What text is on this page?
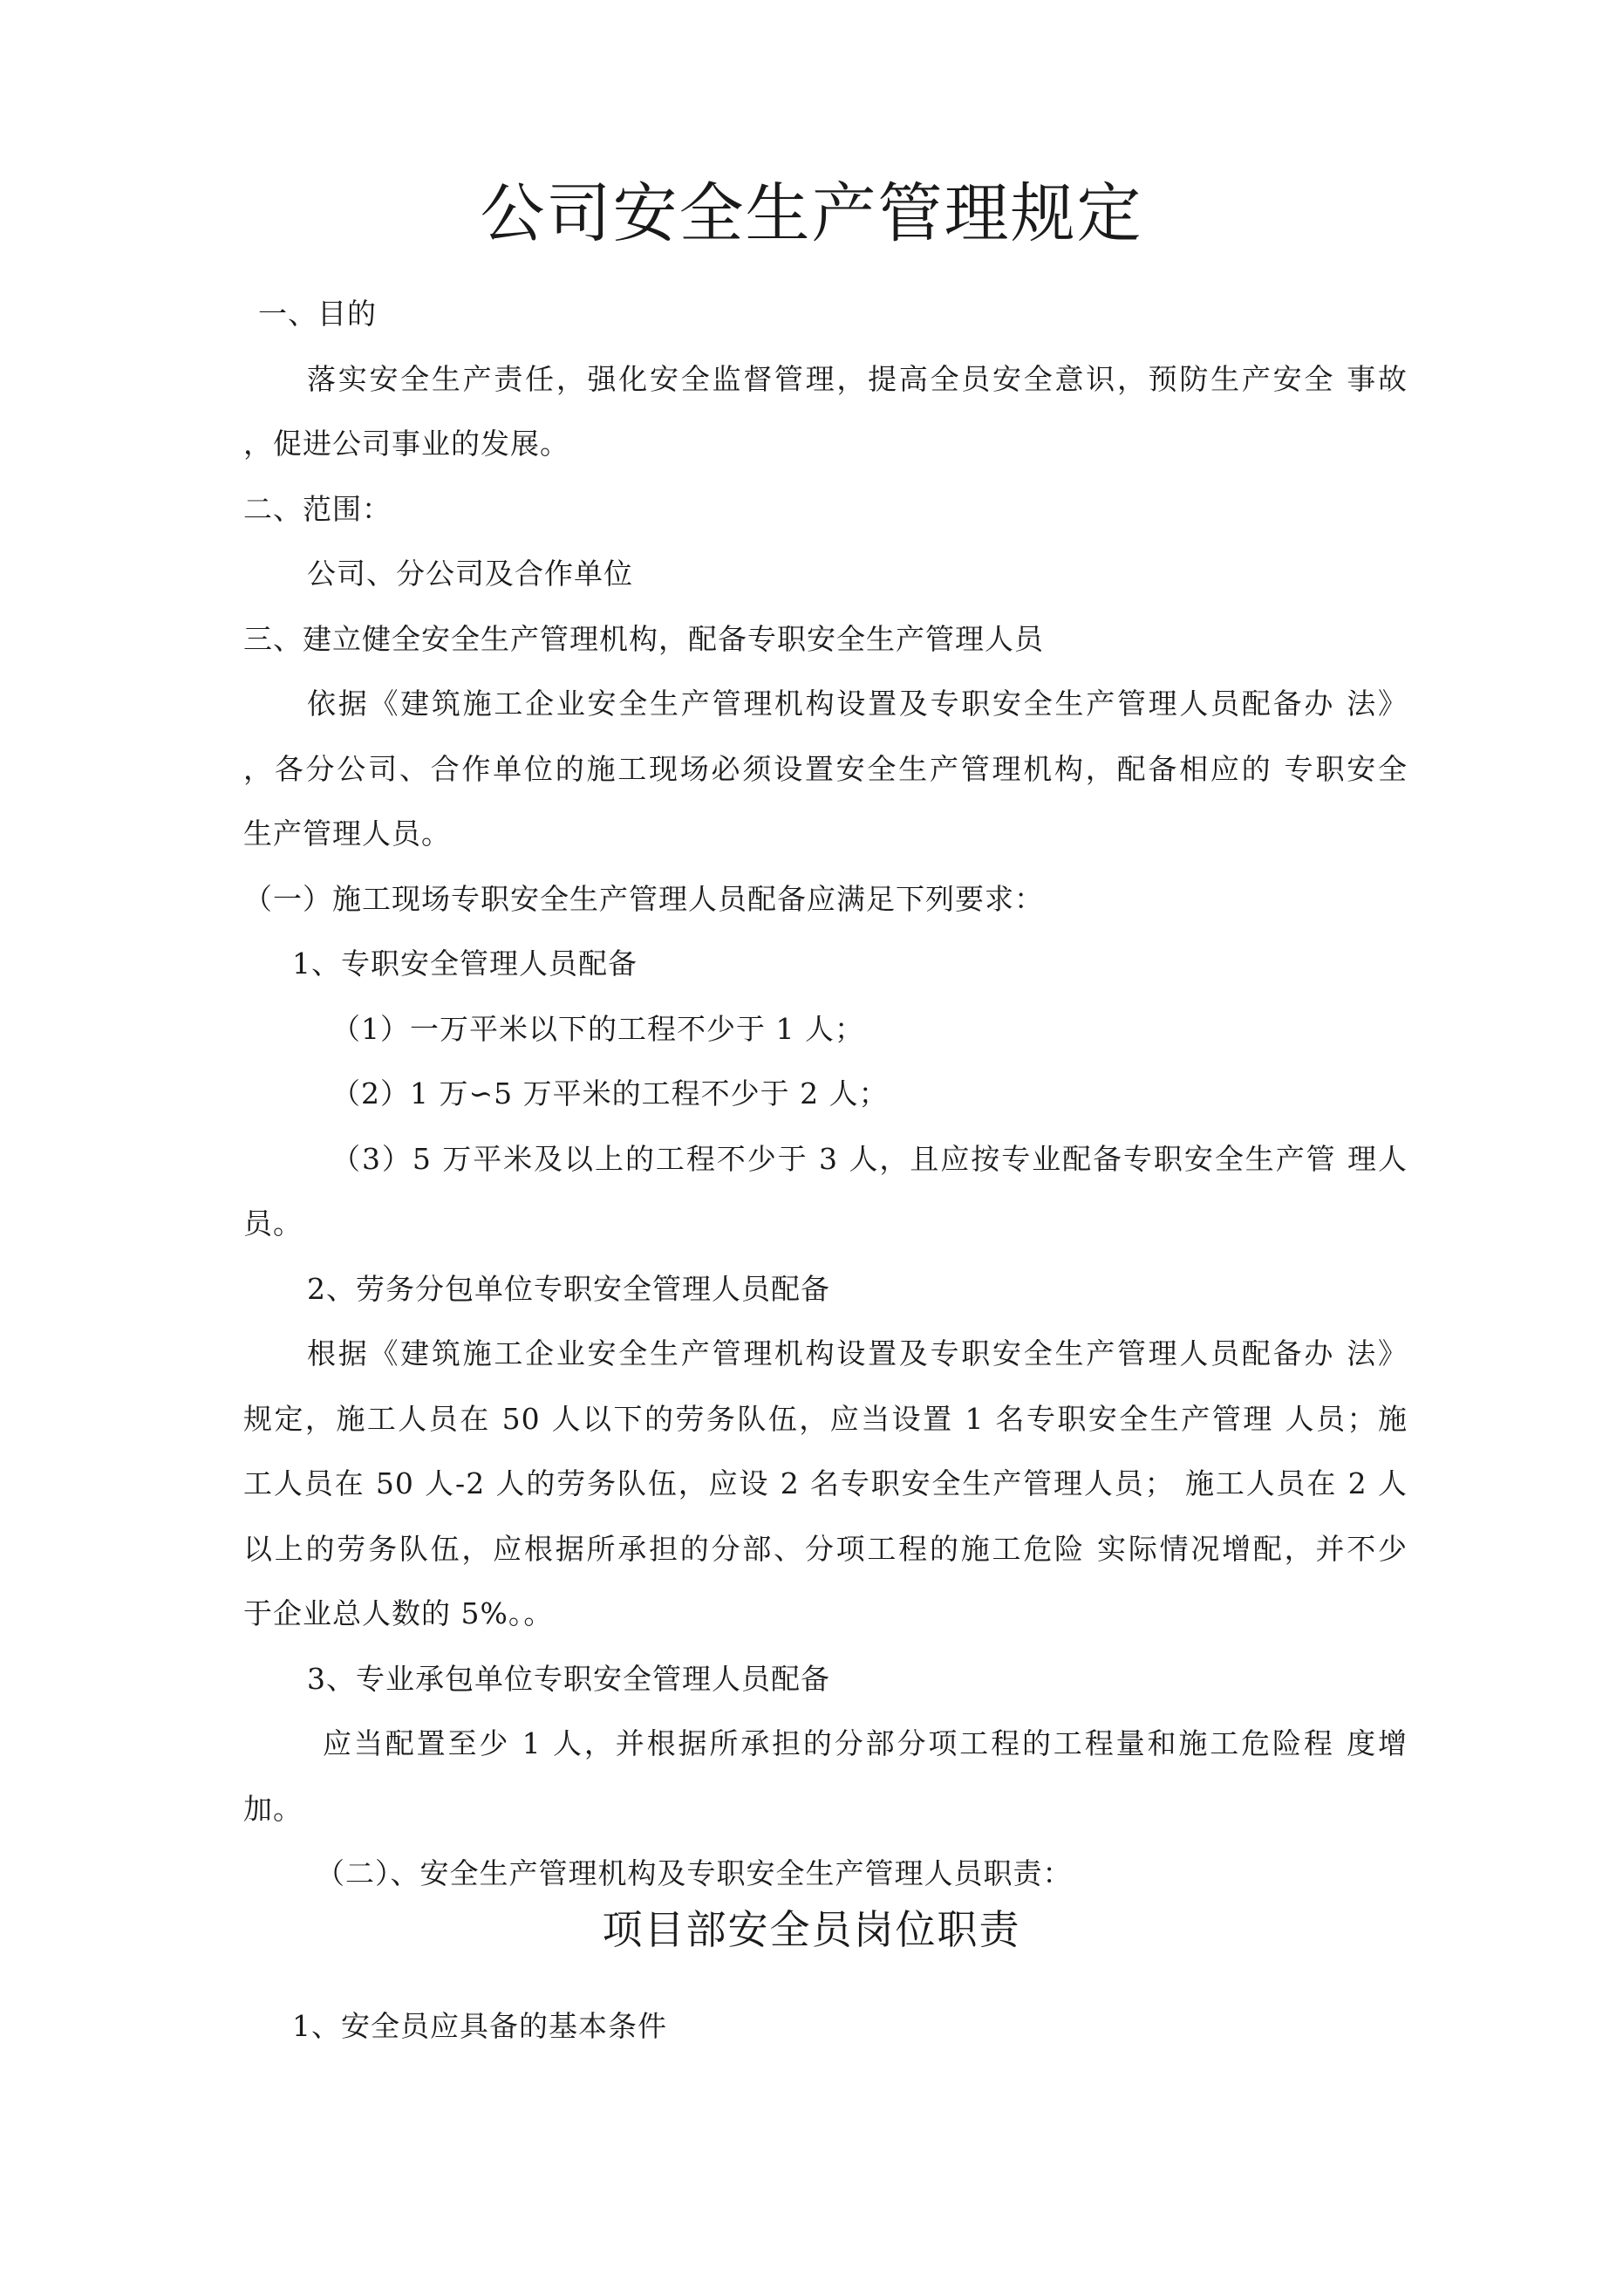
公司安全生产管理规定
一、目的
落实安全生产责任，强化安全监督管理，提高全员安全意识，预防生产安全 事故
，促进公司事业的发展。
二、范围：
公司、分公司及合作单位
三、建立健全安全生产管理机构，配备专职安全生产管理人员
依据《建筑施工企业安全生产管理机构设置及专职安全生产管理人员配备办 法》
，各分公司、合作单位的施工现场必须设置安全生产管理机构，配备相应的 专职安全
生产管理人员。
（一）施工现场专职安全生产管理人员配备应满足下列要求：
1、专职安全管理人员配备
（1）一万平米以下的工程不少于 1 人；
（2）1 万∽5 万平米的工程不少于 2 人；
（3）5 万平米及以上的工程不少于 3 人，且应按专业配备专职安全生产管 理人
员。
2、劳务分包单位专职安全管理人员配备
根据《建筑施工企业安全生产管理机构设置及专职安全生产管理人员配备办 法》
规定，施工人员在 50 人以下的劳务队伍，应当设置 1 名专职安全生产管理 人员；施
工人员在 50 人-2 人的劳务队伍，应设 2 名专职安全生产管理人员； 施工人员在 2 人
以上的劳务队伍，应根据所承担的分部、分项工程的施工危险 实际情况增配，并不少
于企业总人数的 5%。。
3、专业承包单位专职安全管理人员配备
应当配置至少 1 人，并根据所承担的分部分项工程的工程量和施工危险程 度增
加。
（二）、安全生产管理机构及专职安全生产管理人员职责：
项目部安全员岗位职责
1、安全员应具备的基本条件
